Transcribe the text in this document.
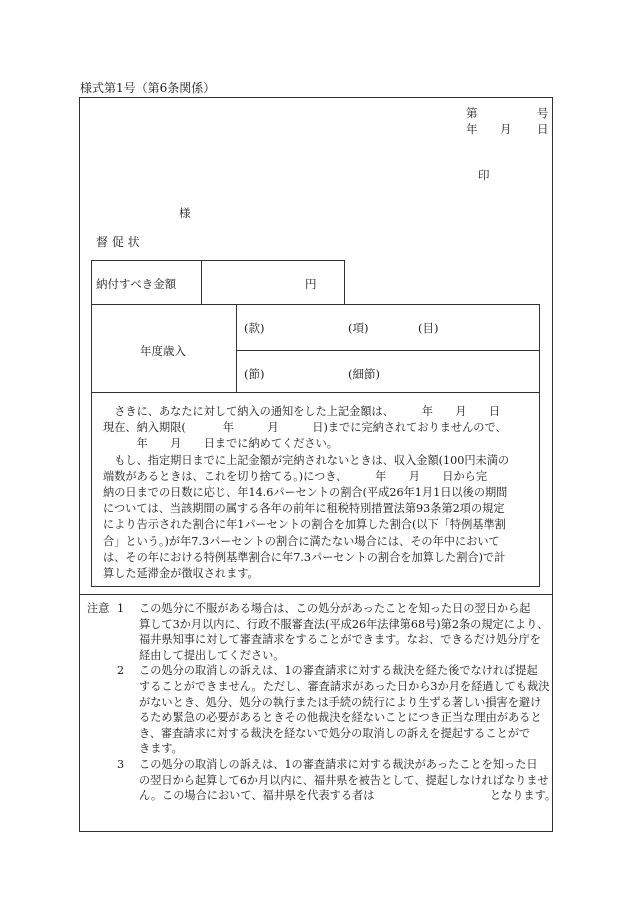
様式第1号（第6条関係）
第	号
年 月 日
印
様
督 促 状
納付すべき金額	円
年度歳入
(款)	(項)	(目)
(節)	(細節)

　さきに、あなたに対して納入の通知をした上記金額は、　　　年　　月　　日

現在、納入期限(　　　 年　　　月　　　日)までに完納されておりませんので、

　　　年　　月　　日までに納めてください。

　もし、指定期日までに上記金額が完納されないときは、収入金額(100円未満の

端数があるときは、これを切り捨てる。)につき、　　　年　　月　　日から完

納の日までの日数に応じ、年14.6パーセントの割合(平成26年1月1日以後の期間

については、当該期間の属する各年の前年に租税特別措置法第93条第2項の規定

により告示された割合に年1パーセントの割合を加算した割合(以下「特例基準割

合」という。)が年7.3パーセントの割合に満たない場合には、その年中において

は、その年における特例基準割合に年7.3パーセントの割合を加算した割合)で計

算した延滞金が徴収されます。

注意 1	この処分に不服がある場合は、この処分があったことを知った日の翌日から起
算して3か月以内に、行政不服審査法(平成26年法律第68号)第2条の規定により、
福井県知事に対して審査請求をすることができます。なお、できるだけ処分庁を
経由して提出してください。
2	この処分の取消しの訴えは、1の審査請求に対する裁決を経た後でなければ提起
することができません。ただし、審査請求があった日から3か月を経過しても裁決
がないとき、処分、処分の執行または手続の続行により生ずる著しい損害を避け
るため緊急の必要があるときその他裁決を経ないことにつき正当な理由があると
き、審査請求に対する裁決を経ないで処分の取消しの訴えを提起することがで
きます。
3	この処分の取消しの訴えは、1の審査請求に対する裁決があったことを知った日
の翌日から起算して6か月以内に、福井県を被告として、提起しなければなりませ
ん。この場合において、福井県を代表する者は　　　　　　　　　　 となります。
